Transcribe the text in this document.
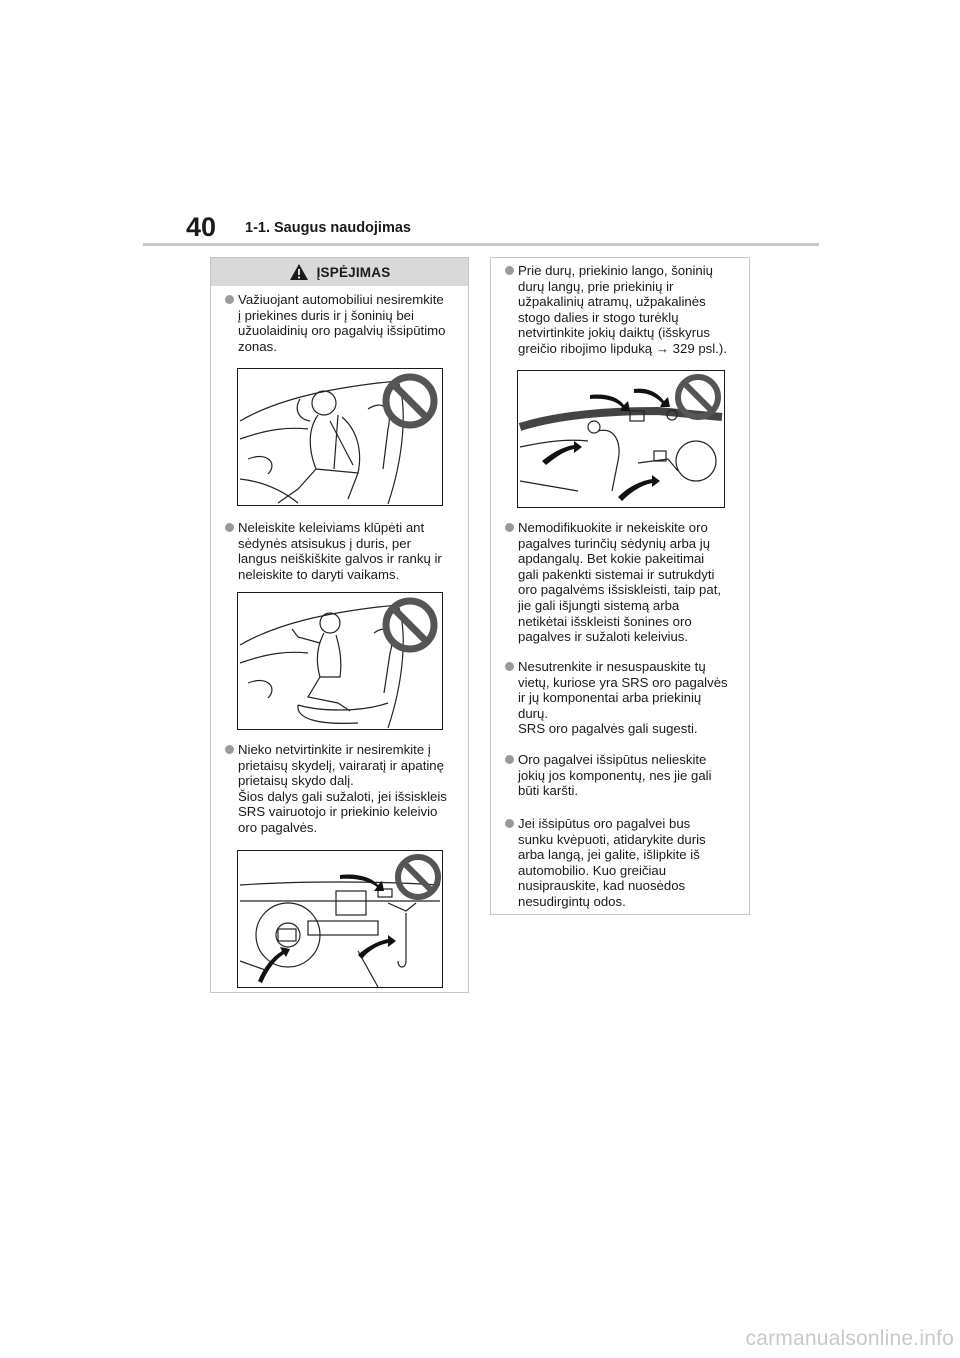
40 1-1. Saugus naudojimas
ĮSPĖJIMAS
Važiuojant automobiliui nesiremkite
į priekines duris ir į šoninių bei
užuolaidinių oro pagalvių išsipūtimo
zonas.
Neleiskite keleiviams klūpėti ant
sėdynės atsisukus į duris, per
langus neiškiškite galvos ir rankų ir
neleiskite to daryti vaikams.
Nieko netvirtinkite ir nesiremkite į
prietaisų skydelį, vairaratį ir apatinę
prietaisų skydo dalį.
Šios dalys gali sužaloti, jei išsiskleis
SRS vairuotojo ir priekinio keleivio
oro pagalvės.
Prie durų, priekinio lango, šoninių
durų langų, prie priekinių ir
užpakalinių atramų, užpakalinės
stogo dalies ir stogo turėklų
netvirtinkite jokių daiktų (išskyrus
greičio ribojimo lipduką → 329 psl.).
Nemodifikuokite ir nekeiskite oro
pagalves turinčių sėdynių arba jų
apdangalų. Bet kokie pakeitimai
gali pakenkti sistemai ir sutrukdyti
oro pagalvėms išsiskleisti, taip pat,
jie gali išjungti sistemą arba
netikėtai išskleisti šonines oro
pagalves ir sužaloti keleivius.
Nesutrenkite ir nesuspauskite tų
vietų, kuriose yra SRS oro pagalvės
ir jų komponentai arba priekinių
durų.
SRS oro pagalvės gali sugesti.
Oro pagalvei išsipūtus nelieskite
jokių jos komponentų, nes jie gali
būti karšti.
Jei išsipūtus oro pagalvei bus
sunku kvėpuoti, atidarykite duris
arba langą, jei galite, išlipkite iš
automobilio. Kuo greičiau
nusiprauskite, kad nuosėdos
nesudirgintų odos.
carmanualsonline.info
